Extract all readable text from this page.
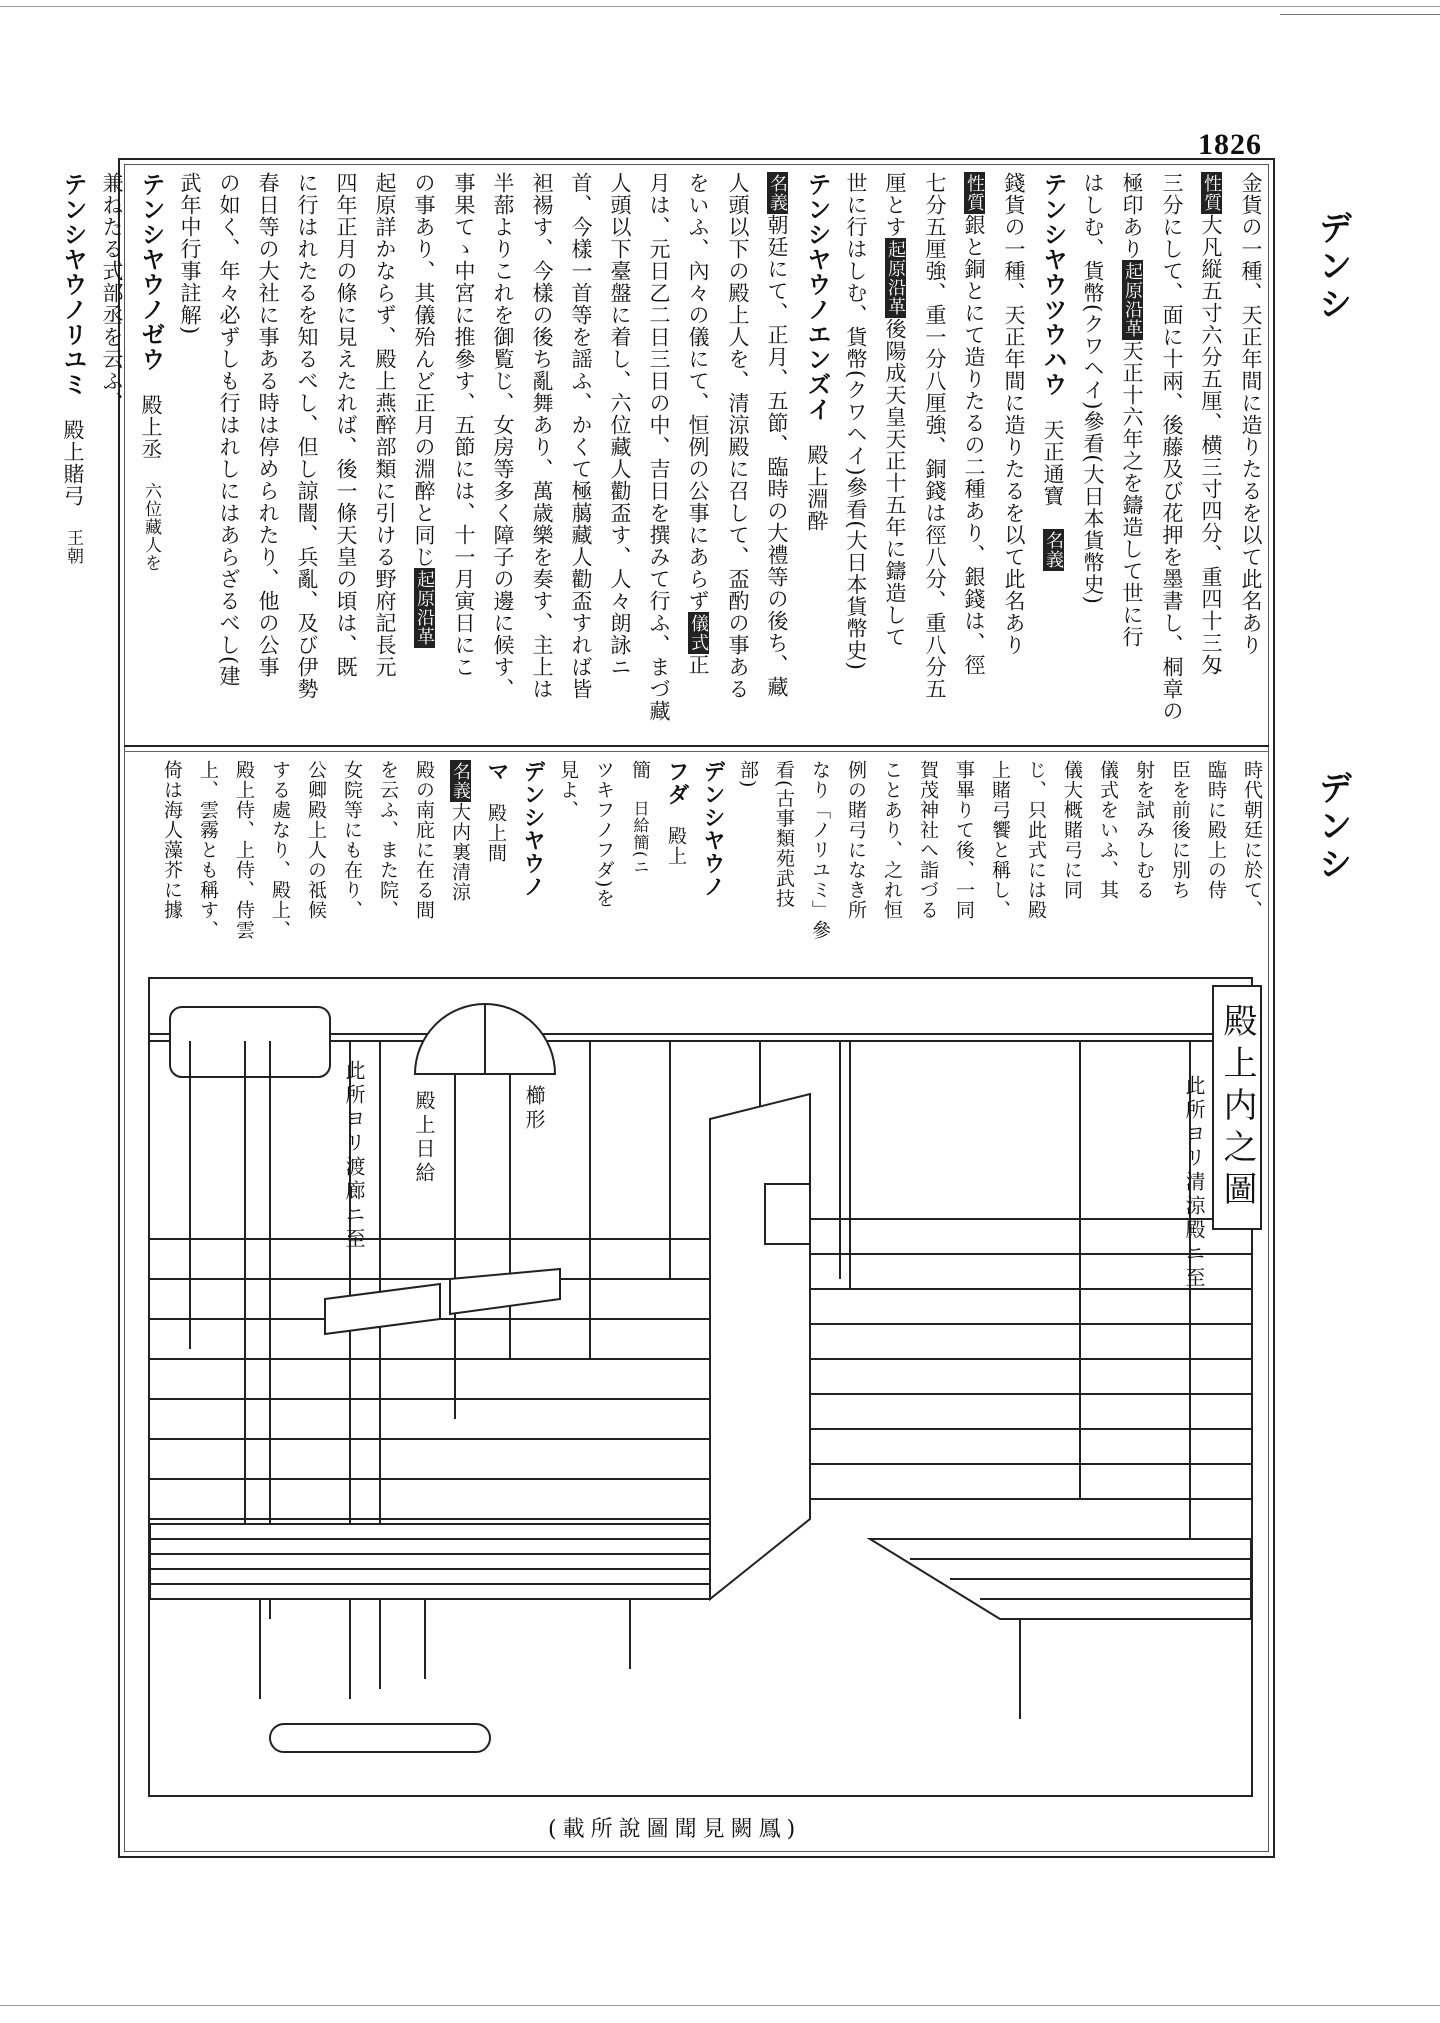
1826
デンシ
デンシ
金貨の一種、天正年間に造りたるを以て此名あり
性質大凡縦五寸六分五厘、横三寸四分、重四十三匁
三分にして、面に十兩、後藤及び花押を墨書し、桐章の
極印あり起原沿革天正十六年之を鑄造して世に行
はしむ、貨幣(クワヘイ)參看(大日本貨幣史)
テンシヤウツウハウ　天正通寶　名義
錢貨の一種、天正年間に造りたるを以て此名あり
性質銀と銅とにて造りたるの二種あり、銀錢は、徑
七分五厘強、重一分八厘強、銅錢は徑八分、重八分五
厘とす起原沿革後陽成天皇天正十五年に鑄造して
世に行はしむ、貨幣(クワヘイ)參看(大日本貨幣史)
テンシヤウノエンズイ　殿上淵酔
名義朝廷にて、正月、五節、臨時の大禮等の後ち、藏
人頭以下の殿上人を、清涼殿に召して、盃酌の事ある
をいふ、內々の儀にて、恒例の公事にあらず儀式正
月は、元日乙二日三日の中、吉日を撰みて行ふ、まづ藏
人頭以下臺盤に着し、六位藏人勸盃す、人々朗詠ニ
首、今樣一首等を謡ふ、かくて極﨟藏人勸盃すれば皆
袒裼す、今樣の後ち亂舞あり、萬歳樂を奏す、主上は
半蔀よりこれを御覧じ、女房等多く障子の邊に候す、
事果てゝ中宮に推參す、五節には、十一月寅日にこ
の事あり、其儀殆んど正月の淵醉と同じ起原沿革
起原詳かならず、殿上燕醉部類に引ける野府記長元
四年正月の條に見えたれば、後一條天皇の頃は、既
に行はれたるを知るべし、但し諒闇、兵亂、及び伊勢
春日等の大社に事ある時は停められたり、他の公事
の如く、年々必ずしも行はれしにはあらざるべし(建
武年中行事註解)
テンシヤウノゼウ　殿上丞　六位藏人を
兼ねたる式部丞を云ふ、
テンシヤウノリユミ　殿上賭弓　王朝
時代朝廷に於て、
臨時に殿上の侍
臣を前後に別ち
射を試みしむる
儀式をいふ、其
儀大概賭弓に同
じ、只此式には殿
上賭弓饗と稱し、
事畢りて後、一同
賀茂神社へ詣づる
ことあり、之れ恒
例の賭弓になき所
なり「ノリユミ」參
看(古事類苑武技
部)
デンシヤウノ
フダ　殿上
簡　日給簡(ニ
ツキフノフダ)を
見よ、
デンシヤウノ
マ　殿上間
名義大内裏清涼
殿の南庇に在る間
を云ふ、また院、
女院等にも在り、
公卿殿上人の祗候
する處なり、殿上、
殿上侍、上侍、侍雲
上、雲霧とも稱す、
倚は海人藻芥に據
殿上内之圖
此所ヨリ渡廊ニ至 殿上日給	櫛形	此所ヨリ清涼殿ニ至
(載所說圖聞見闕鳳)
